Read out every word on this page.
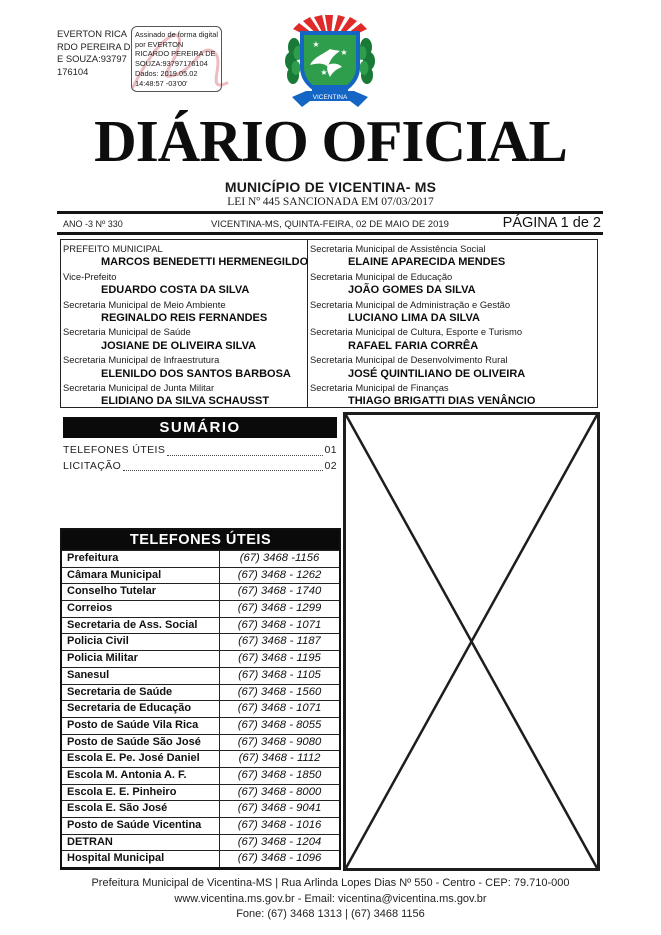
EVERTON RICARDO PEREIRA DE SOUZA:93797176104
Assinado de forma digital por EVERTON RICARDO PEREIRA DE SOUZA:93797176104 Dados: 2019.05.02 14:48:57 -03'00'
★
★
★
VICENTINA
DIÁRIO OFICIAL
MUNICÍPIO DE VICENTINA- MS
LEI Nº 445 SANCIONADA EM 07/03/2017
ANO -3 Nº 330	VICENTINA-MS, QUINTA-FEIRA, 02 DE MAIO DE 2019	PÁGINA 1 de 2
PREFEITO MUNICIPAL
MARCOS BENEDETTI HERMENEGILDO
Vice-Prefeito
EDUARDO COSTA DA SILVA
Secretaria Municipal de Meio Ambiente
REGINALDO REIS FERNANDES
Secretaria Municipal de Saúde
JOSIANE DE OLIVEIRA SILVA
Secretaria Municipal de Infraestrutura
ELENILDO DOS SANTOS BARBOSA
Secretaria Municipal de Junta Militar
ELIDIANO DA SILVA SCHAUSST
Secretaria Municipal de Assistência Social
ELAINE APARECIDA MENDES
Secretaria Municipal de Educação
JOÃO GOMES DA SILVA
Secretaria Municipal de Administração e Gestão
LUCIANO LIMA DA SILVA
Secretaria Municipal de Cultura, Esporte e Turismo
RAFAEL FARIA CORRÊA
Secretaria Municipal de Desenvolvimento Rural
JOSÉ QUINTILIANO DE OLIVEIRA
Secretaria Municipal de Finanças
THIAGO BRIGATTI DIAS VENÂNCIO
SUMÁRIO
TELEFONES ÚTEIS	01
LICITAÇÃO	02
TELEFONES ÚTEIS
Prefeitura	(67) 3468 -1156
Câmara Municipal	(67) 3468 - 1262
Conselho Tutelar	(67) 3468 - 1740
Correios	(67) 3468 - 1299
Secretaria de Ass. Social	(67) 3468 - 1071
Policia Civil	(67) 3468 - 1187
Policia Militar	(67) 3468 - 1195
Sanesul	(67) 3468 - 1105
Secretaria de Saúde	(67) 3468 - 1560
Secretaria de Educação	(67) 3468 - 1071
Posto de Saúde Vila Rica	(67) 3468 - 8055
Posto de Saúde São José	(67) 3468 - 9080
Escola E. Pe. José Daniel	(67) 3468 - 1112
Escola M. Antonia A. F.	(67) 3468 - 1850
Escola E. E. Pinheiro	(67) 3468 - 8000
Escola E. São José	(67) 3468 - 9041
Posto de Saúde Vicentina	(67) 3468 - 1016
DETRAN	(67) 3468 - 1204
Hospital Municipal	(67) 3468 - 1096
Prefeitura Municipal de Vicentina-MS | Rua Arlinda Lopes Dias Nº 550 - Centro - CEP: 79.710-000
www.vicentina.ms.gov.br - Email: vicentina@vicentina.ms.gov.br
Fone: (67) 3468 1313 | (67) 3468 1156
